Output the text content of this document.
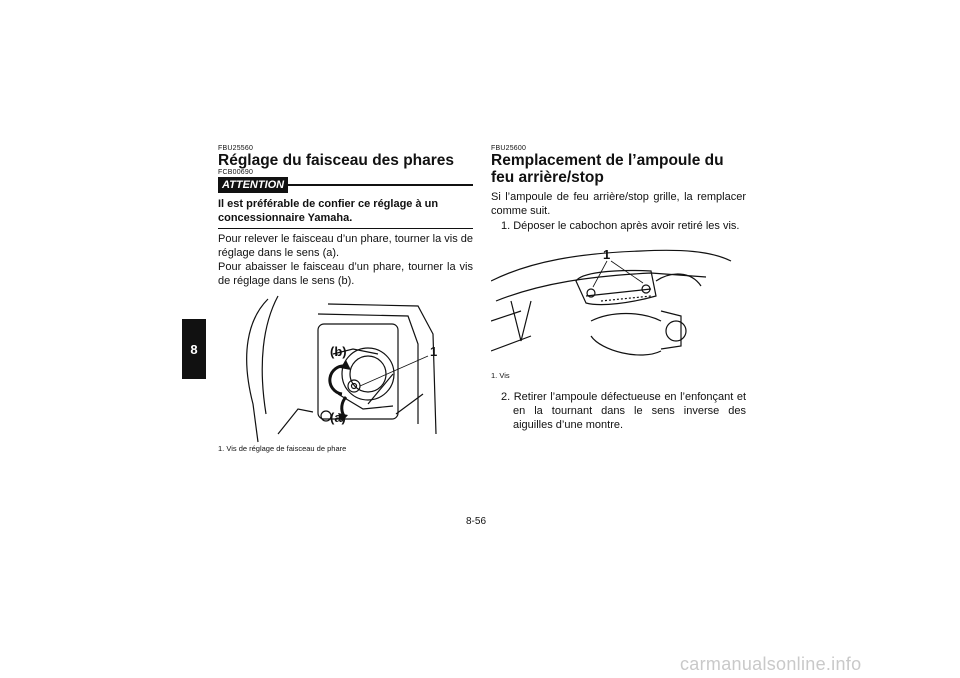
8
FBU25560
Réglage du faisceau des phares
FCB00690
ATTENTION
Il est préférable de confier ce réglage à un concessionnaire Yamaha.

Pour relever le faisceau d’un phare, tourner la vis de réglage dans le sens (a).

Pour abaisser le faisceau d’un phare, tourner la vis de réglage dans le sens (b).

(b)
(a)
1
1. Vis de réglage de faisceau de phare
FBU25600
Remplacement de l’ampoule du feu arrière/stop

Si l’ampoule de feu arrière/stop grille, la remplacer comme suit.

1. Déposer le cabochon après avoir retiré les vis.
1
1. Vis

2. Retirer l’ampoule défectueuse en l’enfonçant et en la tournant dans le sens inverse des aiguilles d’une montre.

8-56
carmanualsonline.info
